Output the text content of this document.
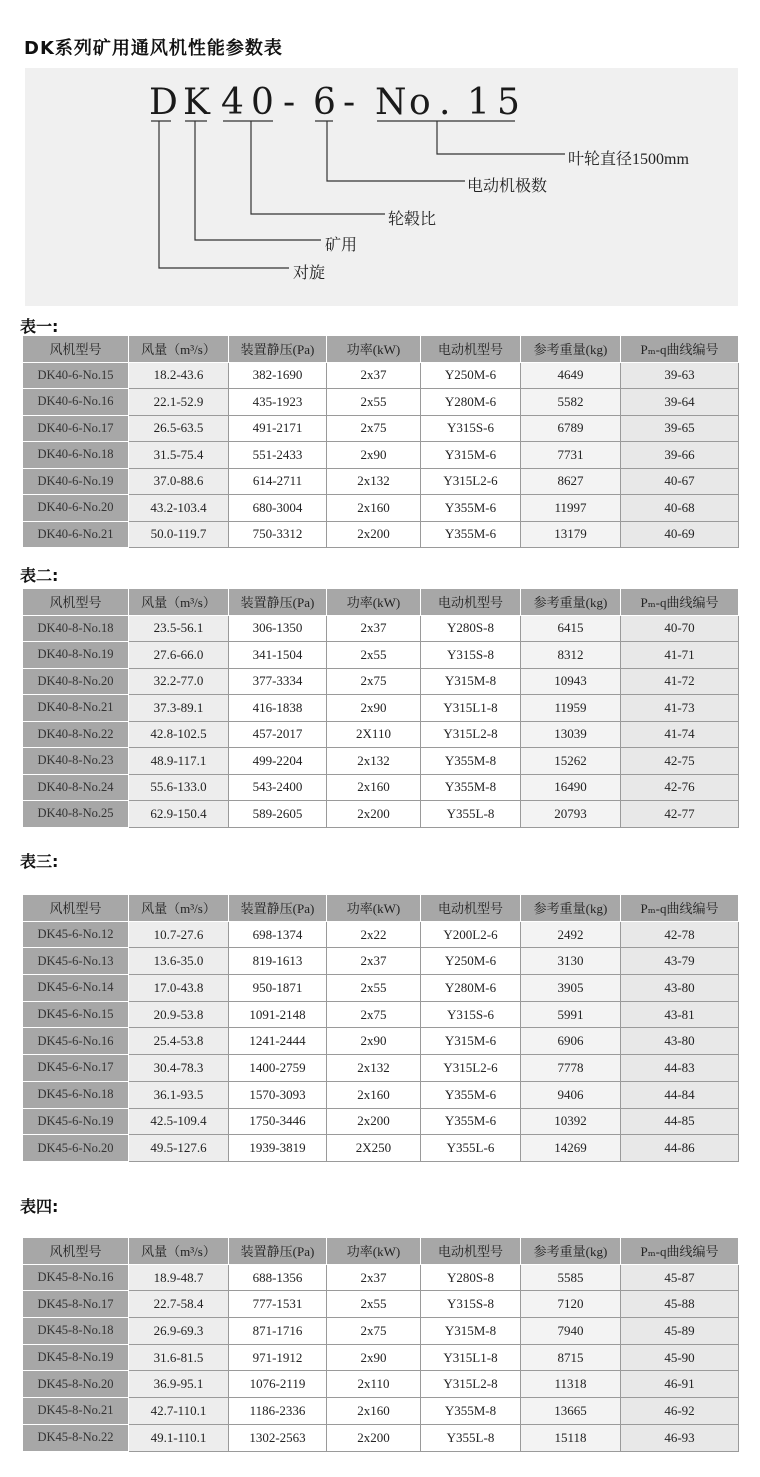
DK系列矿用通风机性能参数表
D K 4 0 - 6 - N o . 1 5
叶轮直径1500mm
电动机极数
轮毂比
矿用
对旋
表一:
风机型号	风量（m³/s）	装置静压(Pa)	功率(kW)	电动机型号	参考重量(kg)	Pₘ-q曲线编号
DK40-6-No.15	18.2-43.6	382-1690	2x37	Y250M-6	4649	39-63
DK40-6-No.16	22.1-52.9	435-1923	2x55	Y280M-6	5582	39-64
DK40-6-No.17	26.5-63.5	491-2171	2x75	Y315S-6	6789	39-65
DK40-6-No.18	31.5-75.4	551-2433	2x90	Y315M-6	7731	39-66
DK40-6-No.19	37.0-88.6	614-2711	2x132	Y315L2-6	8627	40-67
DK40-6-No.20	43.2-103.4	680-3004	2x160	Y355M-6	11997	40-68
DK40-6-No.21	50.0-119.7	750-3312	2x200	Y355M-6	13179	40-69
表二:
风机型号	风量（m³/s）	装置静压(Pa)	功率(kW)	电动机型号	参考重量(kg)	Pₘ-q曲线编号
DK40-8-No.18	23.5-56.1	306-1350	2x37	Y280S-8	6415	40-70
DK40-8-No.19	27.6-66.0	341-1504	2x55	Y315S-8	8312	41-71
DK40-8-No.20	32.2-77.0	377-3334	2x75	Y315M-8	10943	41-72
DK40-8-No.21	37.3-89.1	416-1838	2x90	Y315L1-8	11959	41-73
DK40-8-No.22	42.8-102.5	457-2017	2X110	Y315L2-8	13039	41-74
DK40-8-No.23	48.9-117.1	499-2204	2x132	Y355M-8	15262	42-75
DK40-8-No.24	55.6-133.0	543-2400	2x160	Y355M-8	16490	42-76
DK40-8-No.25	62.9-150.4	589-2605	2x200	Y355L-8	20793	42-77
表三:
风机型号	风量（m³/s）	装置静压(Pa)	功率(kW)	电动机型号	参考重量(kg)	Pₘ-q曲线编号
DK45-6-No.12	10.7-27.6	698-1374	2x22	Y200L2-6	2492	42-78
DK45-6-No.13	13.6-35.0	819-1613	2x37	Y250M-6	3130	43-79
DK45-6-No.14	17.0-43.8	950-1871	2x55	Y280M-6	3905	43-80
DK45-6-No.15	20.9-53.8	1091-2148	2x75	Y315S-6	5991	43-81
DK45-6-No.16	25.4-53.8	1241-2444	2x90	Y315M-6	6906	43-80
DK45-6-No.17	30.4-78.3	1400-2759	2x132	Y315L2-6	7778	44-83
DK45-6-No.18	36.1-93.5	1570-3093	2x160	Y355M-6	9406	44-84
DK45-6-No.19	42.5-109.4	1750-3446	2x200	Y355M-6	10392	44-85
DK45-6-No.20	49.5-127.6	1939-3819	2X250	Y355L-6	14269	44-86
表四:
风机型号	风量（m³/s）	装置静压(Pa)	功率(kW)	电动机型号	参考重量(kg)	Pₘ-q曲线编号
DK45-8-No.16	18.9-48.7	688-1356	2x37	Y280S-8	5585	45-87
DK45-8-No.17	22.7-58.4	777-1531	2x55	Y315S-8	7120	45-88
DK45-8-No.18	26.9-69.3	871-1716	2x75	Y315M-8	7940	45-89
DK45-8-No.19	31.6-81.5	971-1912	2x90	Y315L1-8	8715	45-90
DK45-8-No.20	36.9-95.1	1076-2119	2x110	Y315L2-8	11318	46-91
DK45-8-No.21	42.7-110.1	1186-2336	2x160	Y355M-8	13665	46-92
DK45-8-No.22	49.1-110.1	1302-2563	2x200	Y355L-8	15118	46-93
